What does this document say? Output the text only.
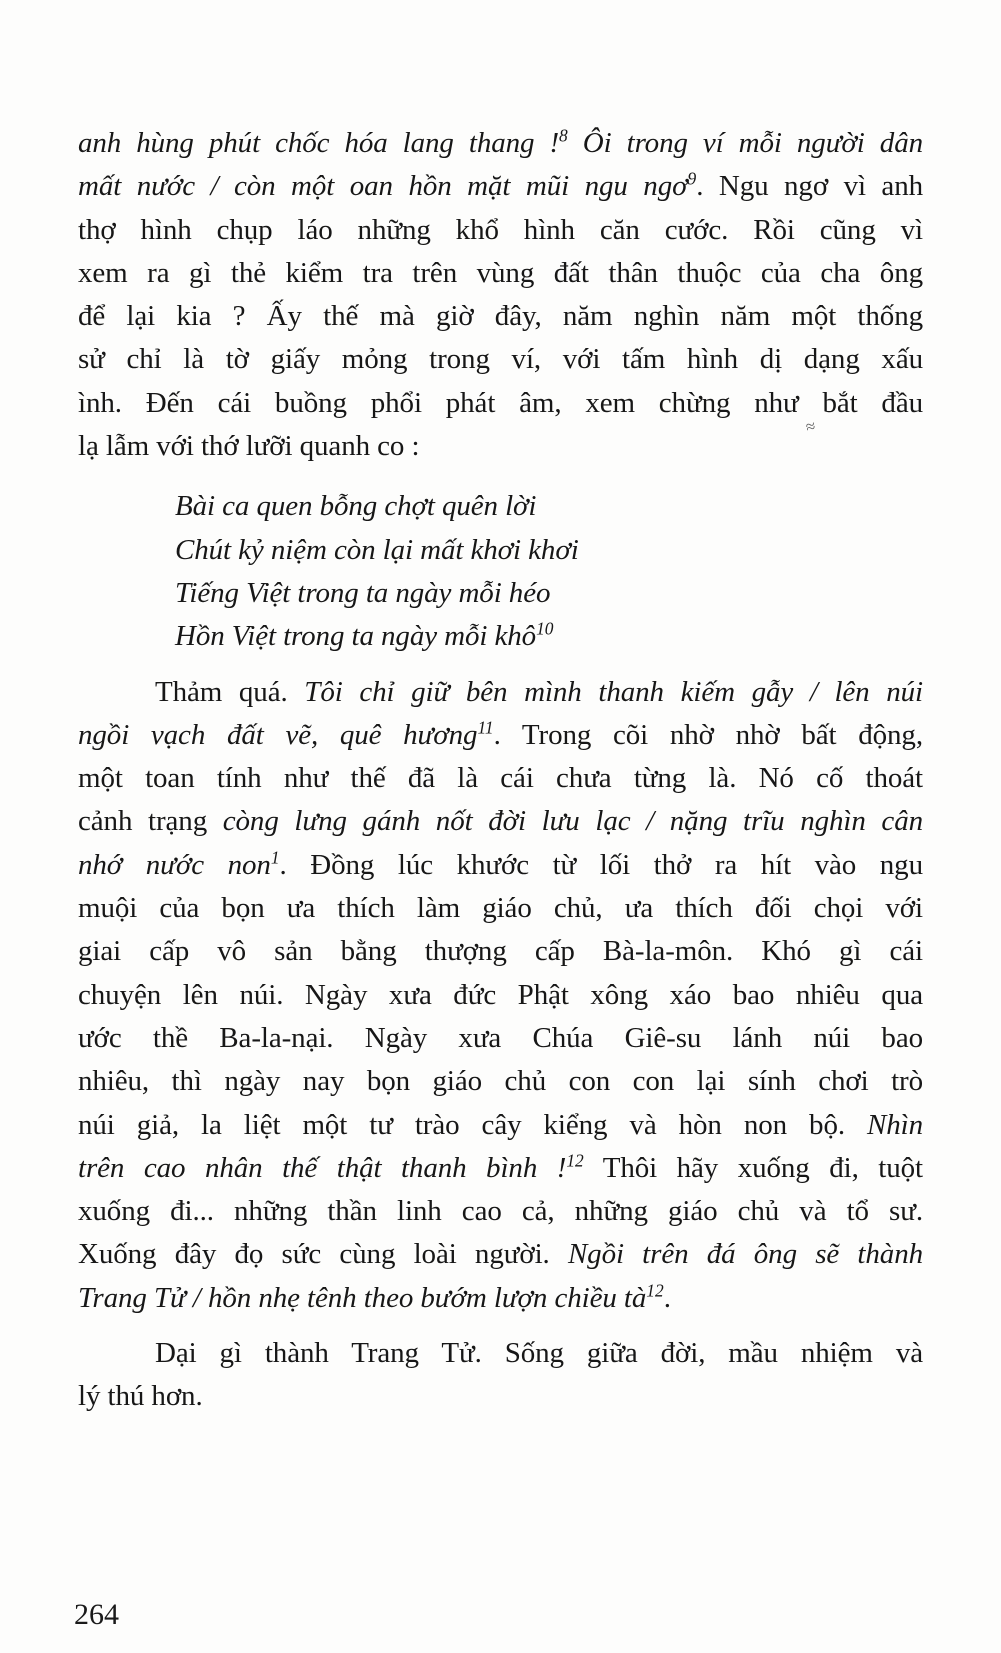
anh hùng phút chốc hóa lang thang !$^8$ Ôi trong ví mỗi người dân
mất nước / còn một oan hồn mặt mũi ngu ngơ$^9$. Ngu ngơ vì anh
thợ hình chụp láo những khổ hình căn cước. Rồi cũng vì
xem ra gì thẻ kiểm tra trên vùng đất thân thuộc của cha ông
để lại kia ? Ấy thế mà giờ đây, năm nghìn năm một thống
sử chỉ là tờ giấy mỏng trong ví, với tấm hình dị dạng xấu
ình. Đến cái buồng phổi phát âm, xem chừng như bắt đầu
lạ lẫm với thớ lưỡi quanh co :
Bài ca quen bỗng chợt quên lời
Chút kỷ niệm còn lại mất khơi khơi
Tiếng Việt trong ta ngày mỗi héo
Hồn Việt trong ta ngày mỗi khô$^{10}$
Thảm quá. Tôi chỉ giữ bên mình thanh kiếm gẫy / lên núi
ngồi vạch đất vẽ, quê hương$^{11}$. Trong cõi nhờ nhờ bất động,
một toan tính như thế đã là cái chưa từng là. Nó cố thoát
cảnh trạng còng lưng gánh nốt đời lưu lạc / nặng trĩu nghìn cân
nhớ nước non$^1$. Đồng lúc khước từ lối thở ra hít vào ngu
muội của bọn ưa thích làm giáo chủ, ưa thích đối chọi với
giai cấp vô sản bằng thượng cấp Bà-la-môn. Khó gì cái
chuyện lên núi. Ngày xưa đức Phật xông xáo bao nhiêu qua
ước thề Ba-la-nại. Ngày xưa Chúa Giê-su lánh núi bao
nhiêu, thì ngày nay bọn giáo chủ con con lại sính chơi trò
núi giả, la liệt một tư trào cây kiểng và hòn non bộ. Nhìn
trên cao nhân thế thật thanh bình !$^{12}$ Thôi hãy xuống đi, tuột
xuống đi... những thần linh cao cả, những giáo chủ và tổ sư.
Xuống đây đọ sức cùng loài người. Ngồi trên đá ông sẽ thành
Trang Tử / hồn nhẹ tênh theo bướm lượn chiều $tà^{12}$.
Dại gì thành Trang Tử. Sống giữa đời, mầu nhiệm và
lý thú hơn.
≈
264
